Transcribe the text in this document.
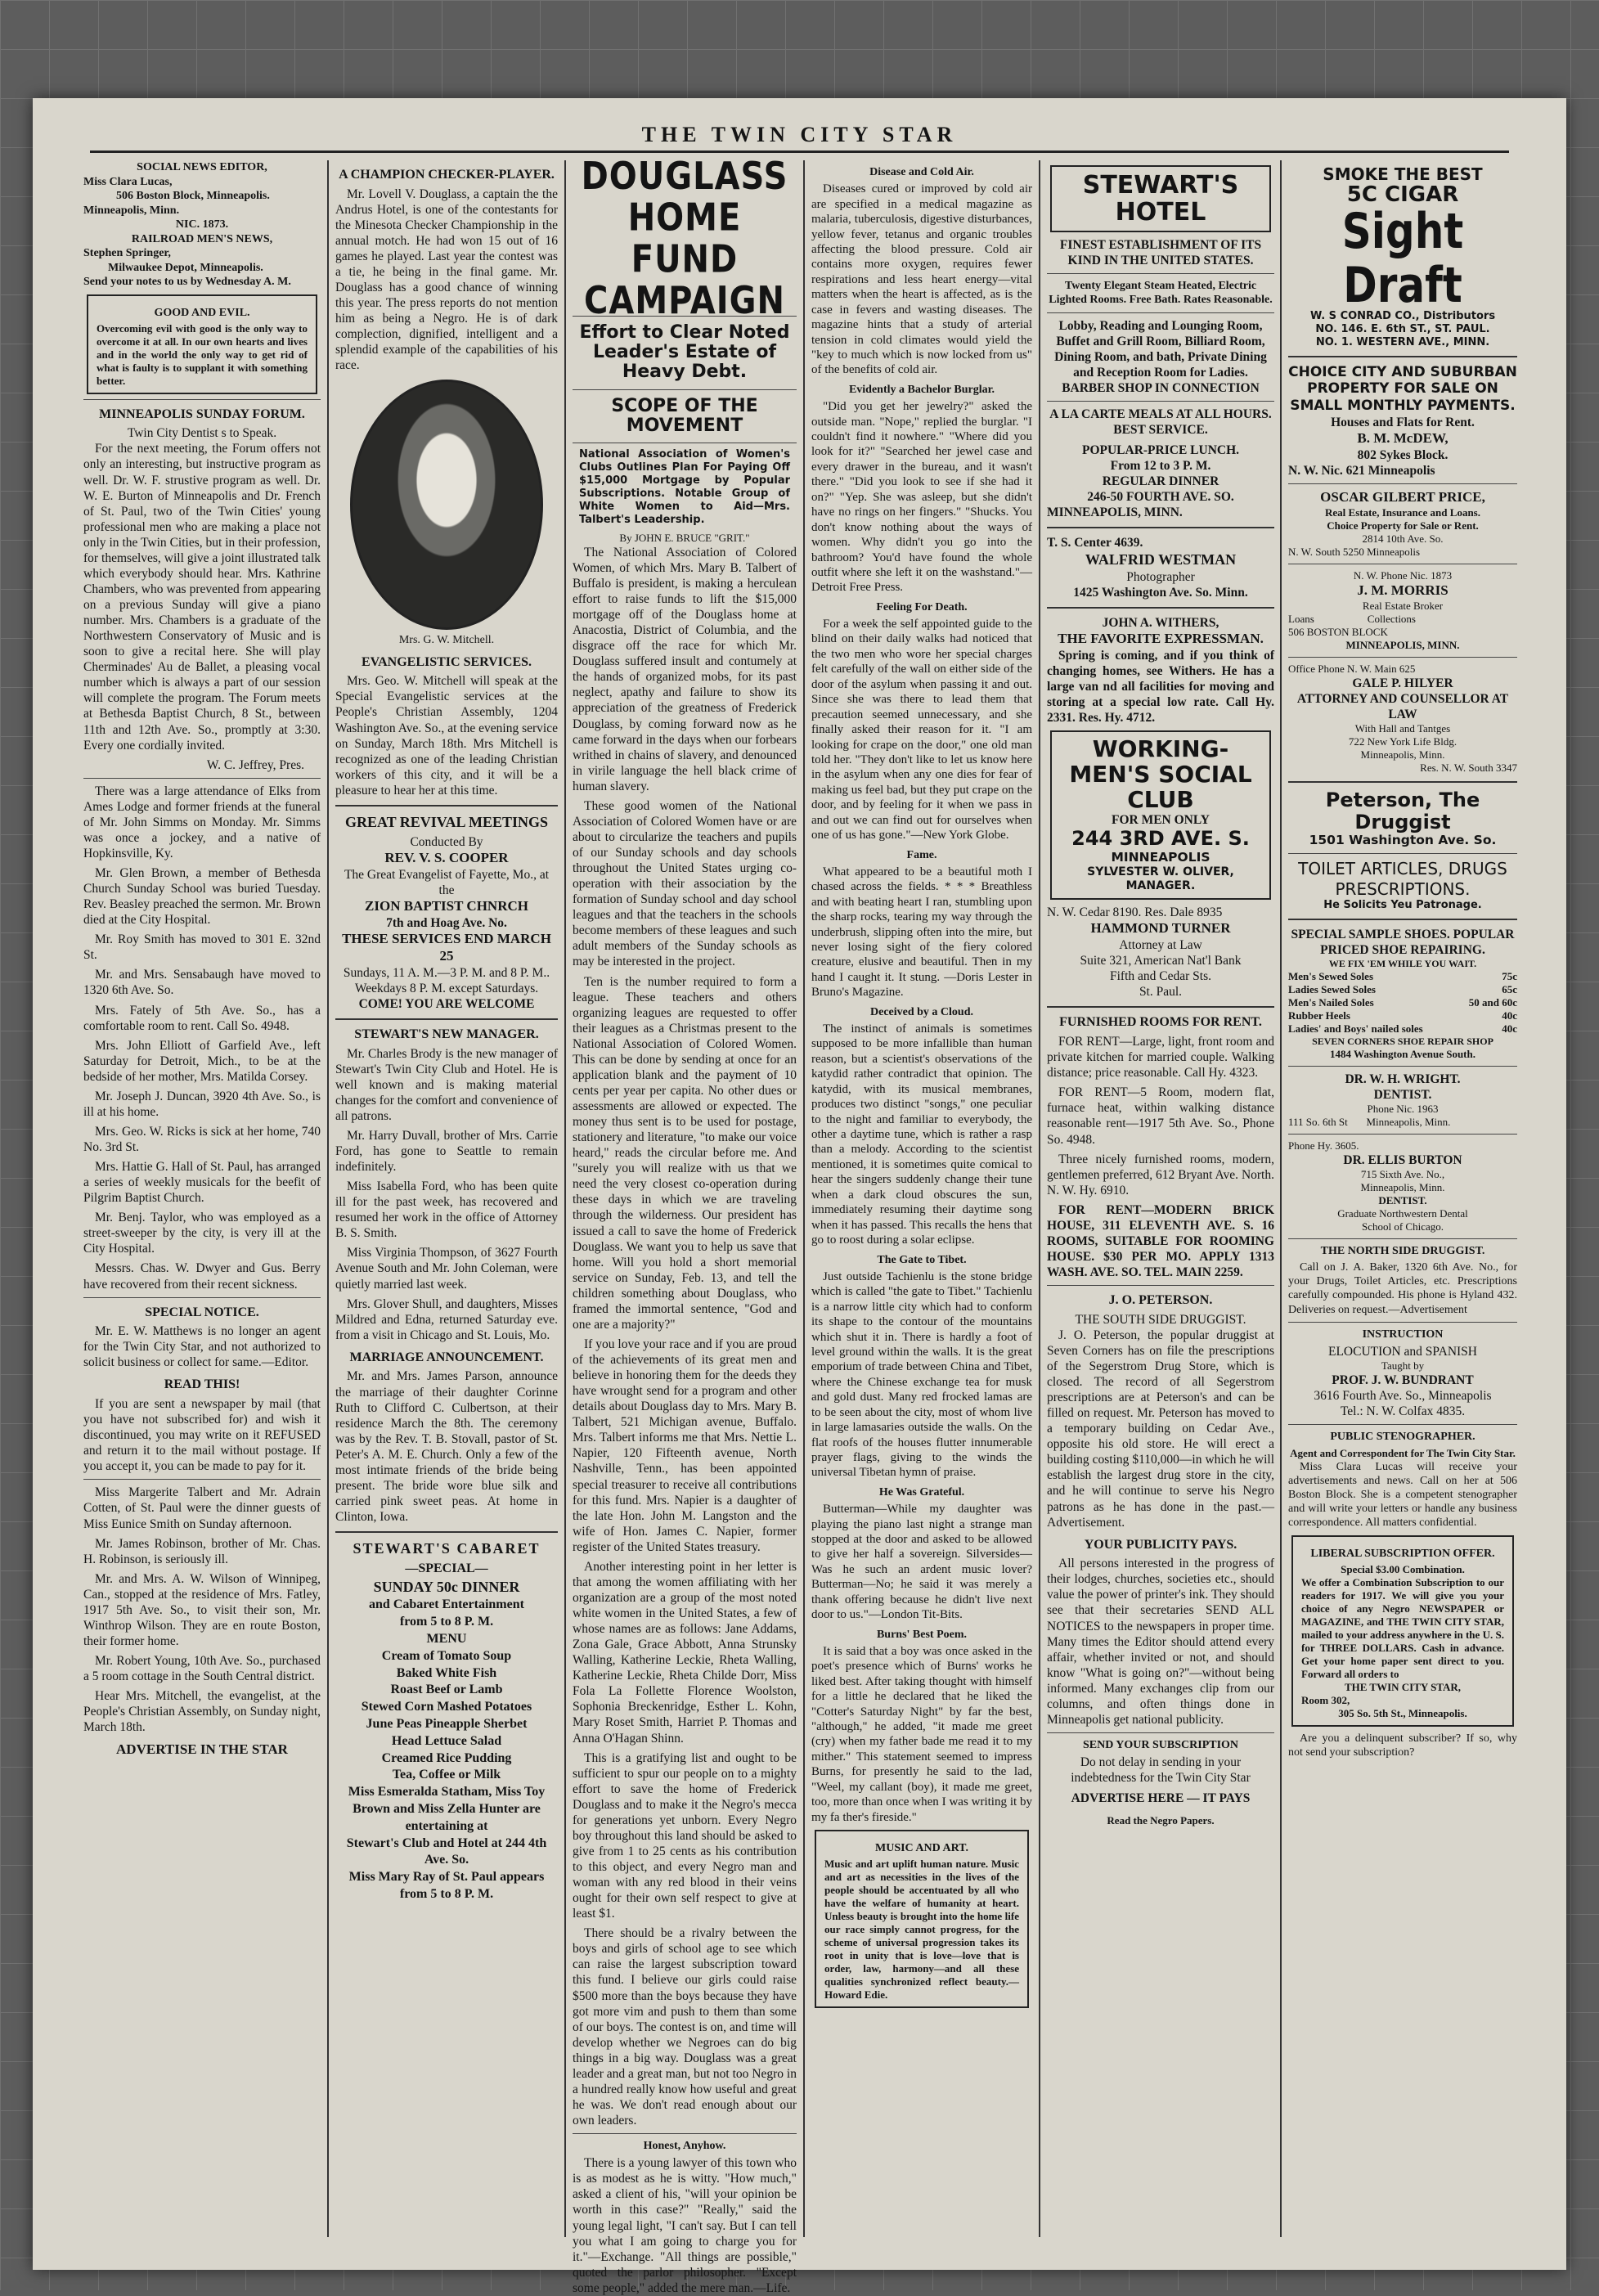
THE TWIN CITY STAR
SOCIAL NEWS EDITOR,
Miss Clara Lucas,
506 Boston Block, Minneapolis.
Minneapolis, Minn.
NIC. 1873.
RAILROAD MEN'S NEWS,
Stephen Springer,
Milwaukee Depot, Minneapolis.
Send your notes to us by Wednesday A. M.
GOOD AND EVIL.
Overcoming evil with good is the only way to overcome it at all. In our own hearts and lives and in the world the only way to get rid of what is faulty is to supplant it with something better.
MINNEAPOLIS SUNDAY FORUM.
Twin City Dentist s to Speak.

For the next meeting, the Forum offers not only an interesting, but instructive program as well. Dr. W. F. strustive program as well. Dr. W. E. Burton of Minneapolis and Dr. French of St. Paul, two of the Twin Cities' young professional men who are making a place not only in the Twin Cities, but in their profession, for themselves, will give a joint illustrated talk which everybody should hear. Mrs. Kathrine Chambers, who was prevented from appearing on a previous Sunday will give a piano number. Mrs. Chambers is a graduate of the Northwestern Conservatory of Music and is soon to give a recital here. She will play Cherminades' Au de Ballet, a pleasing vocal number which is always a part of our session will complete the program. The Forum meets at Bethesda Baptist Church, 8 St., between 11th and 12th Ave. So., promptly at 3:30. Every one cordially invited.

W. C. Jeffrey, Pres.

There was a large attendance of Elks from Ames Lodge and former friends at the funeral of Mr. John Simms on Monday. Mr. Simms was once a jockey, and a native of Hopkinsville, Ky.

Mr. Glen Brown, a member of Bethesda Church Sunday School was buried Tuesday. Rev. Beasley preached the sermon. Mr. Brown died at the City Hospital.

Mr. Roy Smith has moved to 301 E. 32nd St.

Mr. and Mrs. Sensabaugh have moved to 1320 6th Ave. So.

Mrs. Fately of 5th Ave. So., has a comfortable room to rent. Call So. 4948.

Mrs. John Elliott of Garfield Ave., left Saturday for Detroit, Mich., to be at the bedside of her mother, Mrs. Matilda Corsey.

Mr. Joseph J. Duncan, 3920 4th Ave. So., is ill at his home.

Mrs. Geo. W. Ricks is sick at her home, 740 No. 3rd St.

Mrs. Hattie G. Hall of St. Paul, has arranged a series of weekly musicals for the beefit of Pilgrim Baptist Church.

Mr. Benj. Taylor, who was employed as a street-sweeper by the city, is very ill at the City Hospital.

Messrs. Chas. W. Dwyer and Gus. Berry have recovered from their recent sickness.

SPECIAL NOTICE.

Mr. E. W. Matthews is no longer an agent for the Twin City Star, and not authorized to solicit business or collect for same.—Editor.

READ THIS!

If you are sent a newspaper by mail (that you have not subscribed for) and wish it discontinued, you may write on it REFUSED and return it to the mail without postage. If you accept it, you can be made to pay for it.

Miss Margerite Talbert and Mr. Adrain Cotten, of St. Paul were the dinner guests of Miss Eunice Smith on Sunday afternoon.

Mr. James Robinson, brother of Mr. Chas. H. Robinson, is seriously ill.

Mr. and Mrs. A. W. Wilson of Winnipeg, Can., stopped at the residence of Mrs. Fatley, 1917 5th Ave. So., to visit their son, Mr. Winthrop Wilson. They are en route Boston, their former home.

Mr. Robert Young, 10th Ave. So., purchased a 5 room cottage in the South Central district.

Hear Mrs. Mitchell, the evangelist, at the People's Christian Assembly, on Sunday night, March 18th.

ADVERTISE IN THE STAR
A CHAMPION CHECKER-PLAYER.

Mr. Lovell V. Douglass, a captain the the Andrus Hotel, is one of the contestants for the Minesota Checker Championship in the annual motch. He had won 15 out of 16 games he played. Last year the contest was a tie, he being in the final game. Mr. Douglass has a good chance of winning this year. The press reports do not mention him as being a Negro. He is of dark complection, dignified, intelligent and a splendid example of the capabilities of his race.

Mrs. G. W. Mitchell.
EVANGELISTIC SERVICES.

Mrs. Geo. W. Mitchell will speak at the Special Evangelistic services at the People's Christian Assembly, 1204 Washington Ave. So., at the evening service on Sunday, March 18th. Mrs Mitchell is recognized as one of the leading Christian workers of this city, and it will be a pleasure to hear her at this time.

GREAT REVIVAL MEETINGS
Conducted By
REV. V. S. COOPER
The Great Evangelist of Fayette, Mo., at the
ZION BAPTIST CHNRCH
7th and Hoag Ave. No.
THESE SERVICES END MARCH 25
Sundays, 11 A. M.—3 P. M. and 8 P. M.. Weekdays 8 P. M. except Saturdays.
COME! YOU ARE WELCOME
STEWART'S NEW MANAGER.

Mr. Charles Brody is the new manager of Stewart's Twin City Club and Hotel. He is well known and is making material changes for the comfort and convenience of all patrons.

Mr. Harry Duvall, brother of Mrs. Carrie Ford, has gone to Seattle to remain indefinitely.

Miss Isabella Ford, who has been quite ill for the past week, has recovered and resumed her work in the office of Attorney B. S. Smith.

Miss Virginia Thompson, of 3627 Fourth Avenue South and Mr. John Coleman, were quietly married last week.

Mrs. Glover Shull, and daughters, Misses Mildred and Edna, returned Saturday eve. from a visit in Chicago and St. Louis, Mo.

MARRIAGE ANNOUNCEMENT.

Mr. and Mrs. James Parson, announce the marriage of their daughter Corinne Ruth to Clifford C. Culbertson, at their residence March the 8th. The ceremony was by the Rev. T. B. Stovall, pastor of St. Peter's A. M. E. Church. Only a few of the most intimate friends of the bride being present. The bride wore blue silk and carried pink sweet peas. At home in Clinton, Iowa.

STEWART'S CABARET
—SPECIAL—
SUNDAY 50c DINNER
and Cabaret Entertainment
from 5 to 8 P. M.
MENU
Cream of Tomato Soup
Baked White Fish
Roast Beef or Lamb
Stewed Corn Mashed Potatoes
June Peas Pineapple Sherbet
Head Lettuce Salad
Creamed Rice Pudding
Tea, Coffee or Milk
Miss Esmeralda Statham, Miss Toy Brown and Miss Zella Hunter are entertaining at
Stewart's Club and Hotel at 244 4th Ave. So.
Miss Mary Ray of St. Paul appears from 5 to 8 P. M.
DOUGLASS HOME FUND CAMPAIGN
Effort to Clear Noted Leader's Estate of Heavy Debt.
SCOPE OF THE MOVEMENT
National Association of Women's Clubs Outlines Plan For Paying Off $15,000 Mortgage by Popular Subscriptions. Notable Group of White Women to Aid—Mrs. Talbert's Leadership.
By JOHN E. BRUCE "GRIT."

The National Association of Colored Women, of which Mrs. Mary B. Talbert of Buffalo is president, is making a herculean effort to raise funds to lift the $15,000 mortgage off of the Douglass home at Anacostia, District of Columbia, and the disgrace off the race for which Mr. Douglass suffered insult and contumely at the hands of organized mobs, for its past neglect, apathy and failure to show its appreciation of the greatness of Frederick Douglass, by coming forward now as he came forward in the days when our forbears writhed in chains of slavery, and denounced in virile language the hell black crime of human slavery.

These good women of the National Association of Colored Women have or are about to circularize the teachers and pupils of our Sunday schools and day schools throughout the United States urging co-operation with their association by the formation of Sunday school and day school leagues and that the teachers in the schools become members of these leagues and such adult members of the Sunday schools as may be interested in the project.

Ten is the number required to form a league. These teachers and others organizing leagues are requested to offer their leagues as a Christmas present to the National Association of Colored Women. This can be done by sending at once for an application blank and the payment of 10 cents per year per capita. No other dues or assessments are allowed or expected. The money thus sent is to be used for postage, stationery and literature, "to make our voice heard," reads the circular before me. And "surely you will realize with us that we need the very closest co-operation during these days in which we are traveling through the wilderness. Our president has issued a call to save the home of Frederick Douglass. We want you to help us save that home. Will you hold a short memorial service on Sunday, Feb. 13, and tell the children something about Douglass, who framed the immortal sentence, "God and one are a majority?"

If you love your race and if you are proud of the achievements of its great men and believe in honoring them for the deeds they have wrought send for a program and other details about Douglass day to Mrs. Mary B. Talbert, 521 Michigan avenue, Buffalo. Mrs. Talbert informs me that Mrs. Nettie L. Napier, 120 Fifteenth avenue, North Nashville, Tenn., has been appointed special treasurer to receive all contributions for this fund. Mrs. Napier is a daughter of the late Hon. John M. Langston and the wife of Hon. James C. Napier, former register of the United States treasury.

Another interesting point in her letter is that among the women affiliating with her organization are a group of the most noted white women in the United States, a few of whose names are as follows: Jane Addams, Zona Gale, Grace Abbott, Anna Strunsky Walling, Katherine Leckie, Rheta Walling, Katherine Leckie, Rheta Childe Dorr, Miss Fola La Follette Florence Woolston, Sophonia Breckenridge, Esther L. Kohn, Mary Roset Smith, Harriet P. Thomas and Anna O'Hagan Shinn.

This is a gratifying list and ought to be sufficient to spur our people on to a mighty effort to save the home of Frederick Douglass and to make it the Negro's mecca for generations yet unborn. Every Negro boy throughout this land should be asked to give from 1 to 25 cents as his contribution to this object, and every Negro man and woman with any red blood in their veins ought for their own self respect to give at least $1.

There should be a rivalry between the boys and girls of school age to see which can raise the largest subscription toward this fund. I believe our girls could raise $500 more than the boys because they have got more vim and push to them than some of our boys. The contest is on, and time will develop whether we Negroes can do big things in a big way. Douglass was a great leader and a great man, but not too Negro in a hundred really know how useful and great he was. We don't read enough about our own leaders.

Honest, Anyhow.

There is a young lawyer of this town who is as modest as he is witty. "How much," asked a client of his, "will your opinion be worth in this case?" "Really," said the young legal light, "I can't say. But I can tell you what I am going to charge you for it."—Exchange. "All things are possible," quoted the parlor philosopher. "Except some people," added the mere man.—Life.

Disease and Cold Air.

Diseases cured or improved by cold air are specified in a medical magazine as malaria, tuberculosis, digestive disturbances, yellow fever, tetanus and organic troubles affecting the blood pressure. Cold air contains more oxygen, requires fewer respirations and less heart energy—vital matters when the heart is affected, as is the case in fevers and wasting diseases. The magazine hints that a study of arterial tension in cold climates would yield the "key to much which is now locked from us" of the benefits of cold air.

Evidently a Bachelor Burglar.

"Did you get her jewelry?" asked the outside man. "Nope," replied the burglar. "I couldn't find it nowhere." "Where did you look for it?" "Searched her jewel case and every drawer in the bureau, and it wasn't there." "Did you look to see if she had it on?" "Yep. She was asleep, but she didn't have no rings on her fingers." "Shucks. You don't know nothing about the ways of women. Why didn't you go into the bathroom? You'd have found the whole outfit where she left it on the washstand."—Detroit Free Press.

Feeling For Death.

For a week the self appointed guide to the blind on their daily walks had noticed that the two men who wore her special charges felt carefully of the wall on either side of the door of the asylum when passing it and out. Since she was there to lead them that precaution seemed unnecessary, and she finally asked their reason for it. "I am looking for crape on the door," one old man told her. "They don't like to let us know here in the asylum when any one dies for fear of making us feel bad, but they put crape on the door, and by feeling for it when we pass in and out we can find out for ourselves when one of us has gone."—New York Globe.

Fame.

What appeared to be a beautiful moth I chased across the fields. * * * Breathless and with beating heart I ran, stumbling upon the sharp rocks, tearing my way through the underbrush, slipping often into the mire, but never losing sight of the fiery colored creature, elusive and beautiful. Then in my hand I caught it. It stung. —Doris Lester in Bruno's Magazine.

Deceived by a Cloud.

The instinct of animals is sometimes supposed to be more infallible than human reason, but a scientist's observations of the katydid rather contradict that opinion. The katydid, with its musical membranes, produces two distinct "songs," one peculiar to the night and familiar to everybody, the other a daytime tune, which is rather a rasp than a melody. According to the scientist mentioned, it is sometimes quite comical to hear the singers suddenly change their tune when a dark cloud obscures the sun, immediately resuming their daytime song when it has passed. This recalls the hens that go to roost during a solar eclipse.

The Gate to Tibet.

Just outside Tachienlu is the stone bridge which is called "the gate to Tibet." Tachienlu is a narrow little city which had to conform its shape to the contour of the mountains which shut it in. There is hardly a foot of level ground within the walls. It is the great emporium of trade between China and Tibet, where the Chinese exchange tea for musk and gold dust. Many red frocked lamas are to be seen about the city, most of whom live in large lamasaries outside the walls. On the flat roofs of the houses flutter innumerable prayer flags, giving to the winds the universal Tibetan hymn of praise.

He Was Grateful.

Butterman—While my daughter was playing the piano last night a strange man stopped at the door and asked to be allowed to give her half a sovereign. Silversides—Was he such an ardent music lover? Butterman—No; he said it was merely a thank offering because he didn't live next door to us."—London Tit-Bits.

Burns' Best Poem.

It is said that a boy was once asked in the poet's presence which of Burns' works he liked best. After taking thought with himself for a little he declared that he liked the "Cotter's Saturday Night" by far the best, "although," he added, "it made me greet (cry) when my father bade me read it to my mither." This statement seemed to impress Burns, for presently he said to the lad, "Weel, my callant (boy), it made me greet, too, more than once when I was writing it by my fa ther's fireside."

MUSIC AND ART.
Music and art uplift human nature. Music and art as necessities in the lives of the people should be accentuated by all who have the welfare of humanity at heart. Unless beauty is brought into the home life our race simply cannot progress, for the scheme of universal progression takes its root in unity that is love—love that is order, law, harmony—and all these qualities synchronized reflect beauty.—Howard Edie.
STEWART'S HOTEL
FINEST ESTABLISHMENT OF ITS KIND IN THE UNITED STATES.
Twenty Elegant Steam Heated, Electric Lighted Rooms. Free Bath. Rates Reasonable.
Lobby, Reading and Lounging Room, Buffet and Grill Room, Billiard Room, Dining Room, and bath, Private Dining and Reception Room for Ladies.
BARBER SHOP IN CONNECTION
A LA CARTE MEALS AT ALL HOURS. BEST SERVICE.
POPULAR-PRICE LUNCH.
From 12 to 3 P. M.
REGULAR DINNER
246-50 FOURTH AVE. SO.
MINNEAPOLIS, MINN.
T. S. Center 4639.
WALFRID WESTMAN
Photographer
1425 Washington Ave. So. Minn.
JOHN A. WITHERS,
THE FAVORITE EXPRESSMAN.

Spring is coming, and if you think of changing homes, see Withers. He has a large van nd all facilities for moving and storing at a special low rate. Call Hy. 2331. Res. Hy. 4712.

WORKING-MEN'S SOCIAL CLUB
FOR MEN ONLY
244 3RD AVE. S.
MINNEAPOLIS
SYLVESTER W. OLIVER,
MANAGER.
N. W. Cedar 8190. Res. Dale 8935
HAMMOND TURNER
Attorney at Law
Suite 321, American Nat'l Bank
Fifth and Cedar Sts.
St. Paul.
FURNISHED ROOMS FOR RENT.

FOR RENT—Large, light, front room and private kitchen for married couple. Walking distance; price reasonable. Call Hy. 4323.

FOR RENT—5 Room, modern flat, furnace heat, within walking distance reasonable rent—1917 5th Ave. So., Phone So. 4948.

Three nicely furnished rooms, modern, gentlemen preferred, 612 Bryant Ave. North. N. W. Hy. 6910.

FOR RENT—MODERN BRICK HOUSE, 311 ELEVENTH AVE. S. 16 ROOMS, SUITABLE FOR ROOMING HOUSE. $30 PER MO. APPLY 1313 WASH. AVE. SO. TEL. MAIN 2259.

J. O. PETERSON.
THE SOUTH SIDE DRUGGIST.

J. O. Peterson, the popular druggist at Seven Corners has on file the prescriptions of the Segerstrom Drug Store, which is closed. The record of all Segerstrom prescriptions are at Peterson's and can be filled on request. Mr. Peterson has moved to a temporary building on Cedar Ave., opposite his old store. He will erect a building costing $110,000—in which he will establish the largest drug store in the city, and he will continue to serve his Negro patrons as he has done in the past.—Advertisement.

YOUR PUBLICITY PAYS.

All persons interested in the progress of their lodges, churches, societies etc., should value the power of printer's ink. They should see that their secretaries SEND ALL NOTICES to the newspapers in proper time. Many times the Editor should attend every affair, whether invited or not, and should know "What is going on?"—without being informed. Many exchanges clip from our columns, and often things done in Minneapolis get national publicity.

SEND YOUR SUBSCRIPTION
Do not delay in sending in your indebtedness for the Twin City Star
ADVERTISE HERE — IT PAYS
Read the Negro Papers.
SMOKE THE BEST
5C CIGAR
Sight Draft
W. S CONRAD CO., Distributors
NO. 146. E. 6th ST., ST. PAUL.
NO. 1. WESTERN AVE., MINN.
CHOICE CITY AND SUBURBAN PROPERTY FOR SALE ON SMALL MONTHLY PAYMENTS.
Houses and Flats for Rent.
B. M. McDEW,
802 Sykes Block.
N. W. Nic. 621 Minneapolis
OSCAR GILBERT PRICE,
Real Estate, Insurance and Loans.
Choice Property for Sale or Rent.
2814 10th Ave. So.
N. W. South 5250 Minneapolis
N. W. Phone Nic. 1873
J. M. MORRIS
Real Estate Broker
Loans                    Collections
506 BOSTON BLOCK
MINNEAPOLIS, MINN.
Office Phone N. W. Main 625
GALE P. HILYER
ATTORNEY AND COUNSELLOR AT LAW
With Hall and Tantges
722 New York Life Bldg.
Minneapolis, Minn.
Res. N. W. South 3347
Peterson, The Druggist
1501 Washington Ave. So.
TOILET ARTICLES, DRUGS PRESCRIPTIONS.
He Solicits Yeu Patronage.
SPECIAL SAMPLE SHOES. POPULAR PRICED SHOE REPAIRING.
WE FIX 'EM WHILE YOU WAIT.
Men's Sewed Soles	75c
Ladies Sewed Soles	65c
Men's Nailed Soles	50 and 60c
Rubber Heels	40c
Ladies' and Boys' nailed soles	40c
SEVEN CORNERS SHOE REPAIR SHOP
1484 Washington Avenue South.
DR. W. H. WRIGHT.
DENTIST.
Phone Nic. 1963
111 So. 6th St       Minneapolis, Minn.
Phone Hy. 3605.
DR. ELLIS BURTON
715 Sixth Ave. No.,
Minneapolis, Minn.
DENTIST.
Graduate Northwestern Dental
School of Chicago.
THE NORTH SIDE DRUGGIST.

Call on J. A. Baker, 1320 6th Ave. No., for your Drugs, Toilet Articles, etc. Prescriptions carefully compounded. His phone is Hyland 432. Deliveries on request.—Advertisement

INSTRUCTION
ELOCUTION and SPANISH
Taught by
PROF. J. W. BUNDRANT
3616 Fourth Ave. So., Minneapolis
Tel.: N. W. Colfax 4835.
PUBLIC STENOGRAPHER.
Agent and Correspondent for The Twin City Star.

Miss Clara Lucas will receive your advertisements and news. Call on her at 506 Boston Block. She is a competent stenographer and will write your letters or handle any business correspondence. All matters confidential.

LIBERAL SUBSCRIPTION OFFER.
Special $3.00 Combination.
We offer a Combination Subscription to our readers for 1917. We will give you your choice of any Negro NEWSPAPER or MAGAZINE, and THE TWIN CITY STAR, mailed to your address anywhere in the U. S. for THREE DOLLARS. Cash in advance. Get your home paper sent direct to you. Forward all orders to
THE TWIN CITY STAR,
Room 302,
305 So. 5th St., Minneapolis.

Are you a delinquent subscriber? If so, why not send your subscription?
